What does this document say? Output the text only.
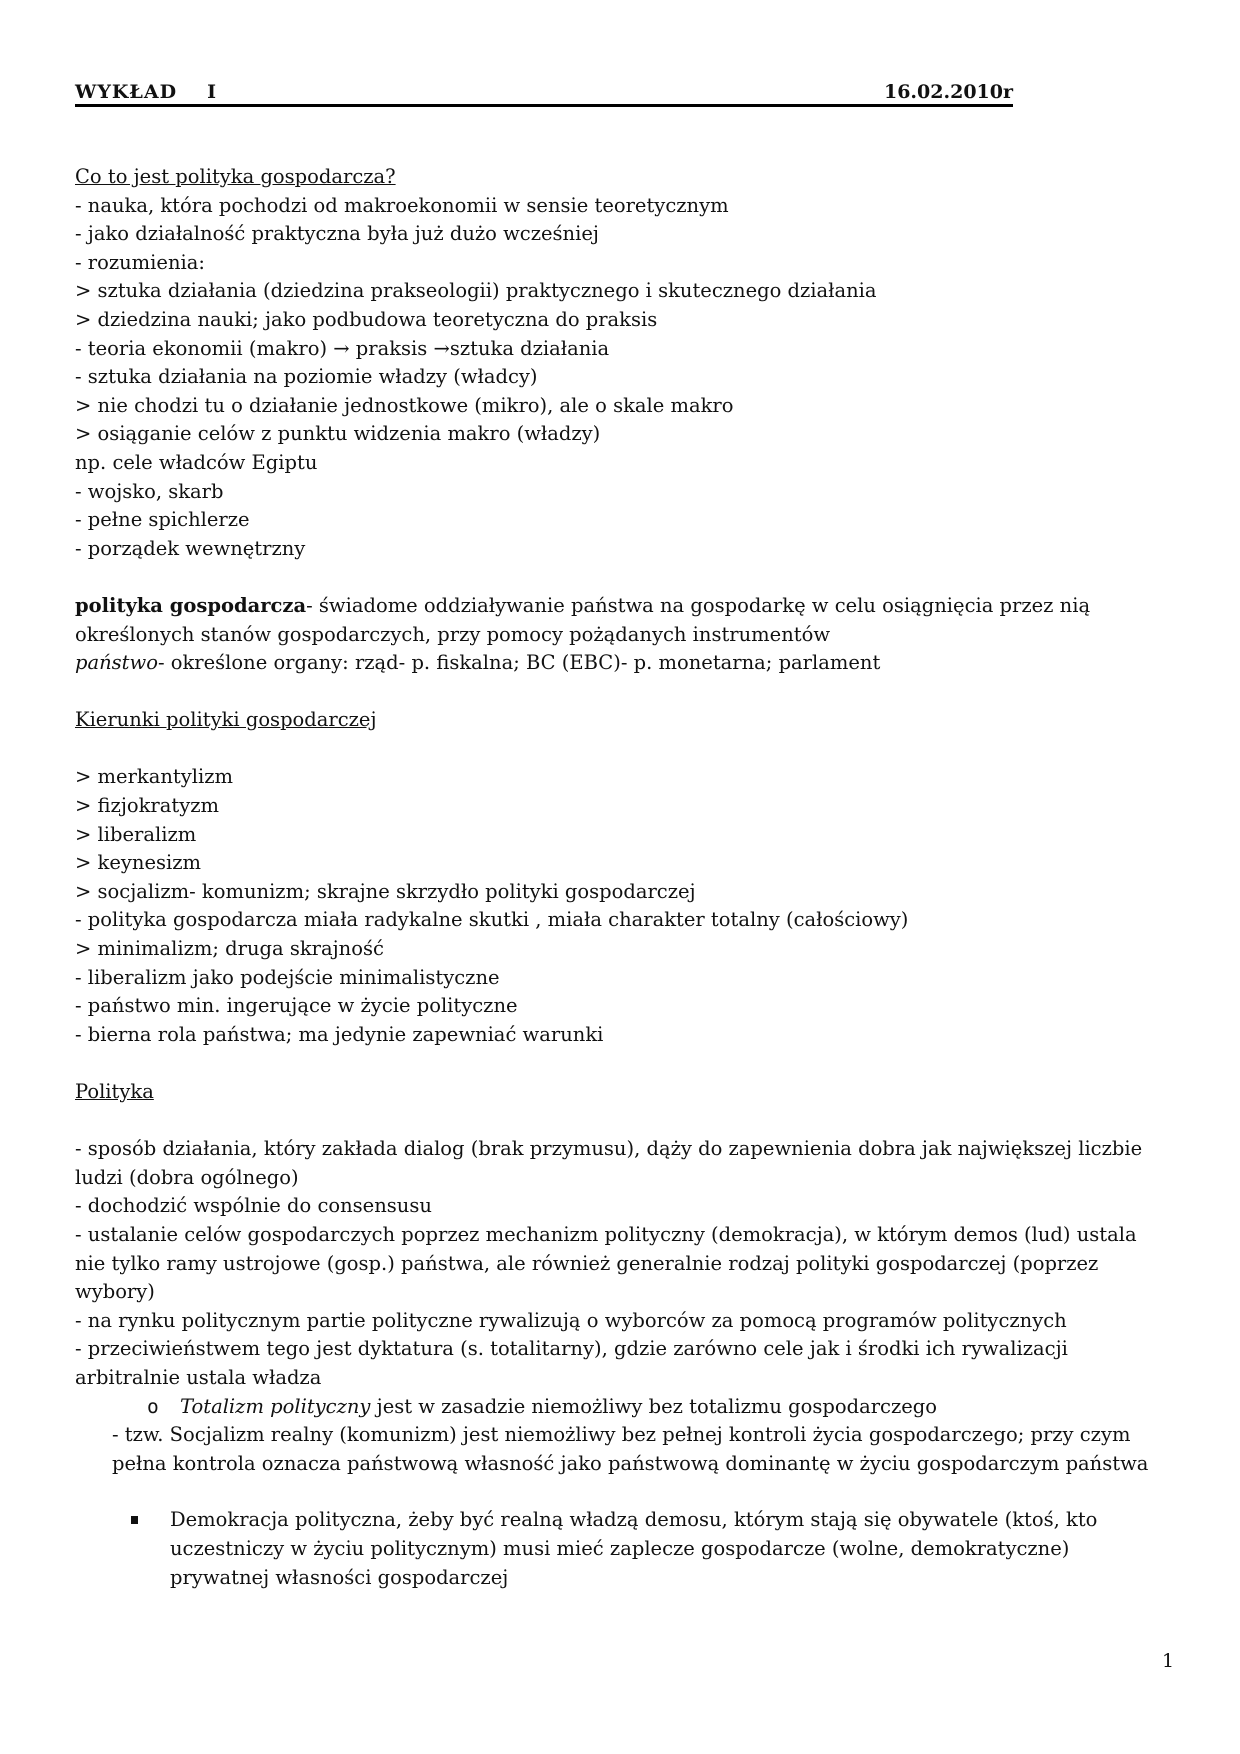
WYKŁAD I	16.02.2010r
Co to jest polityka gospodarcza?
- nauka, która pochodzi od makroekonomii w sensie teoretycznym
- jako działalność praktyczna była już dużo wcześniej
- rozumienia:
> sztuka działania (dziedzina prakseologii) praktycznego i skutecznego działania
> dziedzina nauki; jako podbudowa teoretyczna do praksis
- teoria ekonomii (makro) → praksis →sztuka działania
- sztuka działania na poziomie władzy (władcy)
> nie chodzi tu o działanie jednostkowe (mikro), ale o skale makro
> osiąganie celów z punktu widzenia makro (władzy)
np. cele władców Egiptu
- wojsko, skarb
- pełne spichlerze
- porządek wewnętrzny
polityka gospodarcza- świadome oddziaływanie państwa na gospodarkę w celu osiągnięcia przez nią określonych stanów gospodarczych, przy pomocy pożądanych instrumentów
państwo- określone organy: rząd- p. fiskalna; BC (EBC)- p. monetarna; parlament
Kierunki polityki gospodarczej
> merkantylizm
> fizjokratyzm
> liberalizm
> keynesizm
> socjalizm- komunizm; skrajne skrzydło polityki gospodarczej
- polityka gospodarcza miała radykalne skutki , miała charakter totalny (całościowy)
> minimalizm; druga skrajność
- liberalizm jako podejście minimalistyczne
- państwo min. ingerujące w życie polityczne
- bierna rola państwa; ma jedynie zapewniać warunki
Polityka
- sposób działania, który zakłada dialog (brak przymusu), dąży do zapewnienia dobra jak największej liczbie ludzi (dobra ogólnego)
- dochodzić wspólnie do consensusu
- ustalanie celów gospodarczych poprzez mechanizm polityczny (demokracja), w którym demos (lud) ustala nie tylko ramy ustrojowe (gosp.) państwa, ale również generalnie rodzaj polityki gospodarczej (poprzez wybory)
- na rynku politycznym partie polityczne rywalizują o wyborców za pomocą programów politycznych
- przeciwieństwem tego jest dyktatura (s. totalitarny), gdzie zarówno cele jak i środki ich rywalizacji arbitralnie ustala władza
o	Totalizm polityczny jest w zasadzie niemożliwy bez totalizmu gospodarczego
- tzw. Socjalizm realny (komunizm) jest niemożliwy bez pełnej kontroli życia gospodarczego; przy czym pełna kontrola oznacza państwową własność jako państwową dominantę w życiu gospodarczym państwa
Demokracja polityczna, żeby być realną władzą demosu, którym stają się obywatele (ktoś, kto uczestniczy w życiu politycznym) musi mieć zaplecze gospodarcze (wolne, demokratyczne) prywatnej własności gospodarczej
1
